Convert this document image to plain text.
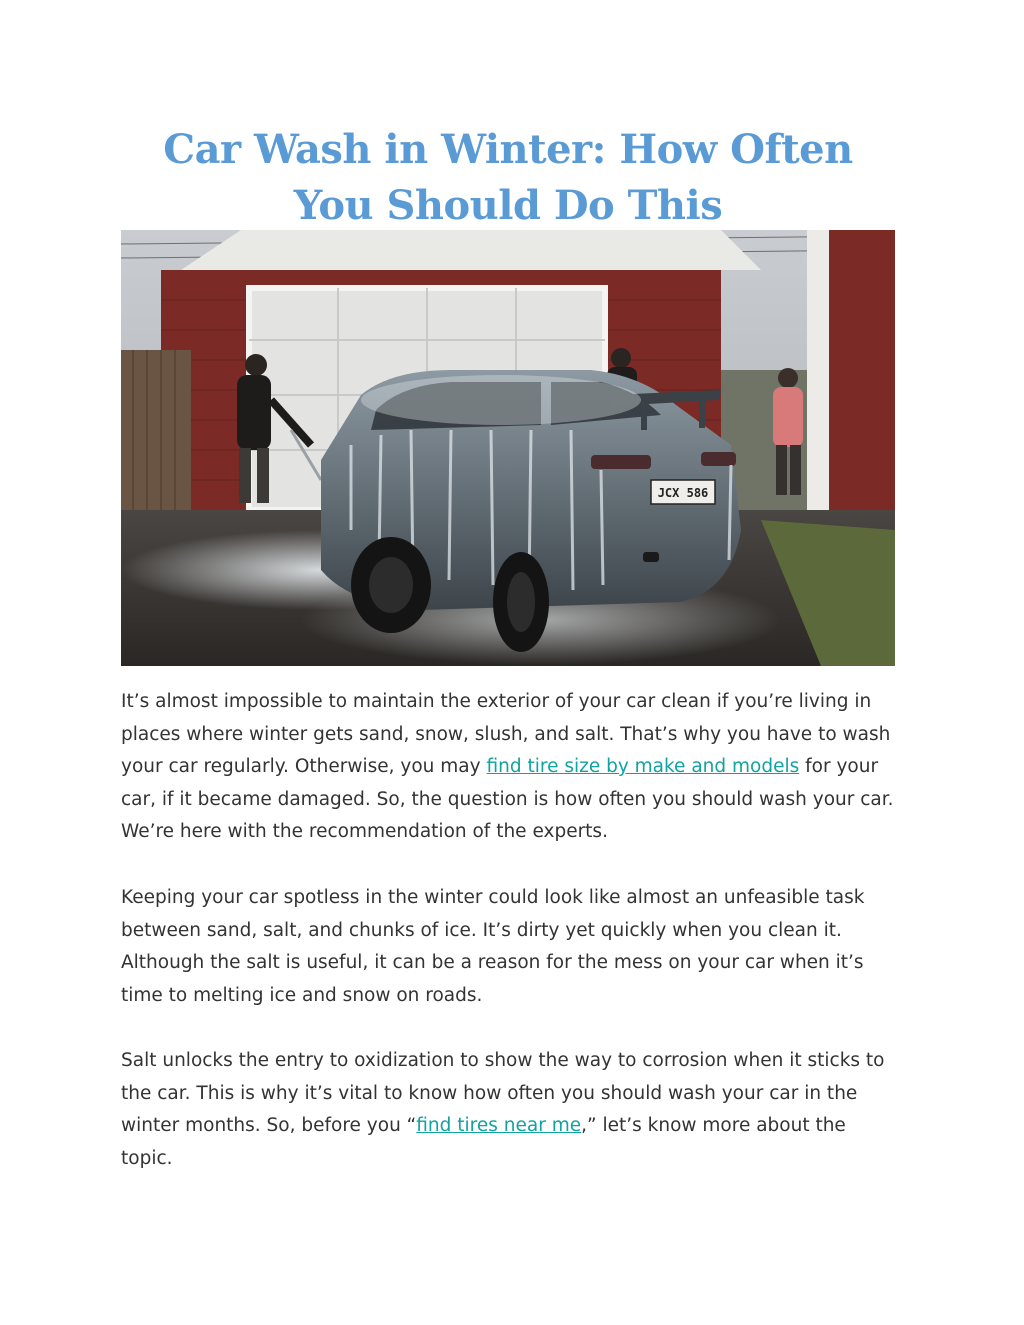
Car Wash in Winter: How Often
You Should Do This
JCX 586

It’s almost impossible to maintain the exterior of your car clean if you’re living in places where winter gets sand, snow, slush, and salt. That’s why you have to wash your car regularly. Otherwise, you may find tire size by make and models for your car, if it became damaged. So, the question is how often you should wash your car. We’re here with the recommendation of the experts.

Keeping your car spotless in the winter could look like almost an unfeasible task between sand, salt, and chunks of ice. It’s dirty yet quickly when you clean it. Although the salt is useful, it can be a reason for the mess on your car when it’s time to melting ice and snow on roads.

Salt unlocks the entry to oxidization to show the way to corrosion when it sticks to the car. This is why it’s vital to know how often you should wash your car in the winter months. So, before you “find tires near me,” let’s know more about the topic.
